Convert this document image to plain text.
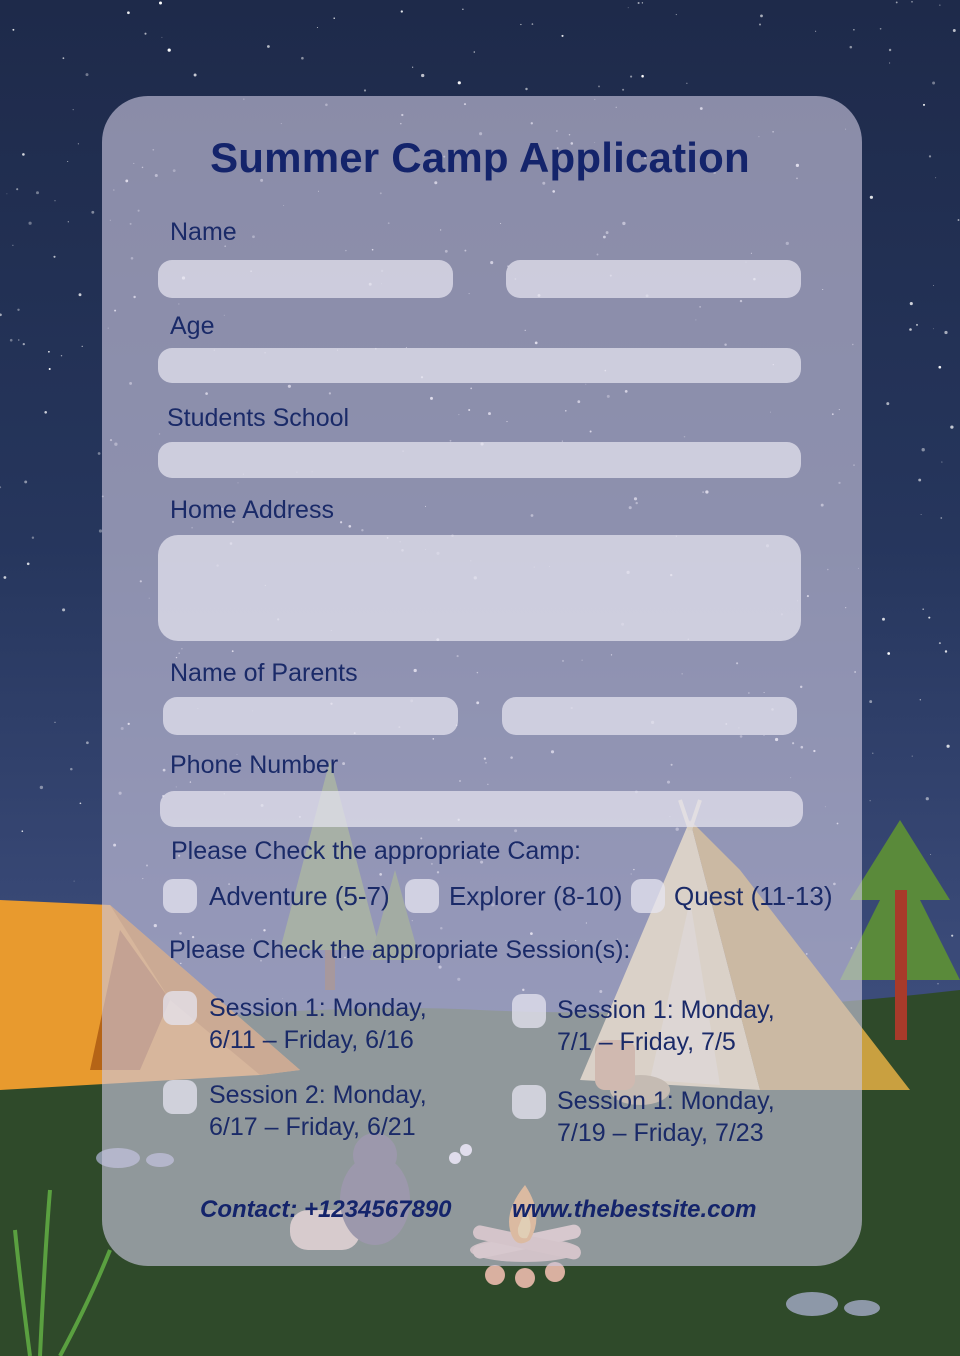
Summer Camp Application
Name
Age
Students School
Home Address
Name of Parents
Phone Number
Please Check the appropriate Camp:
Adventure (5-7) Explorer (8-10) Quest (11-13)
Please Check the appropriate Session(s):
Session 1: Monday,
6/11 – Friday, 6/16
Session 2: Monday,
6/17 – Friday, 6/21
Session 1: Monday,
7/1 – Friday, 7/5
Session 1: Monday,
7/19 – Friday, 7/23
Contact: +1234567890	www.thebestsite.com
